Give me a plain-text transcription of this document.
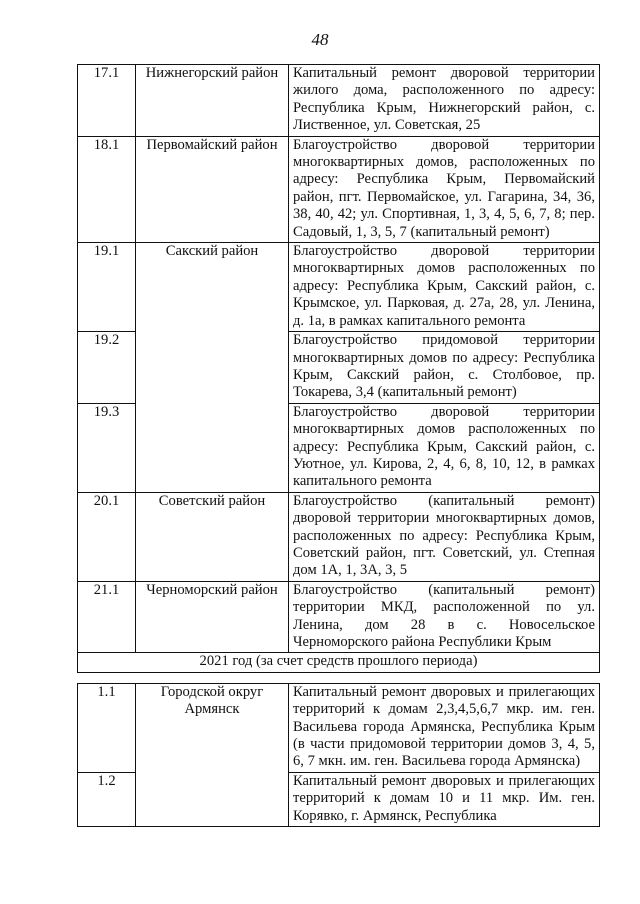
48
17.1	Нижнегорский район	Капитальный ремонт дворовой территории жилого дома, расположенного по адресу: Республика Крым, Нижнегорский район, с. Лиственное, ул. Советская, 25
18.1	Первомайский район	Благоустройство дворовой территории многоквартирных домов, расположенных по адресу: Республика Крым, Первомайский район, пгт. Первомайское, ул. Гагарина, 34, 36, 38, 40, 42; ул. Спортивная, 1, 3, 4, 5, 6, 7, 8; пер. Садовый, 1, 3, 5, 7 (капитальный ремонт)
19.1	Сакский район	Благоустройство дворовой территории многоквартирных домов расположенных по адресу: Республика Крым, Сакский район, с. Крымское, ул. Парковая, д. 27а, 28, ул. Ленина, д. 1а, в рамках капитального ремонта
19.2		Благоустройство придомовой территории многоквартирных домов по адресу: Республика Крым, Сакский район, с. Столбовое, пр. Токарева, 3,4 (капитальный ремонт)
19.3		Благоустройство дворовой территории многоквартирных домов расположенных по адресу: Республика Крым, Сакский район, с. Уютное, ул. Кирова, 2, 4, 6, 8, 10, 12, в рамках капитального ремонта
20.1	Советский район	Благоустройство (капитальный ремонт) дворовой территории многоквартирных домов, расположенных по адресу: Республика Крым, Советский район, пгт. Советский, ул. Степная дом 1А, 1, 3А, 3, 5
21.1	Черноморский район	Благоустройство (капитальный ремонт) территории МКД, расположенной по ул. Ленина, дом 28 в с. Новосельское Черноморского района Республики Крым
2021 год (за счет средств прошлого периода)		

1.1	Городской округ Армянск	Капитальный ремонт дворовых и прилегающих территорий к домам 2,3,4,5,6,7 мкр. им. ген. Васильева города Армянска, Республика Крым (в части придомовой территории домов 3, 4, 5, 6, 7 мкн. им. ген. Васильева города Армянска)
1.2		Капитальный ремонт дворовых и прилегающих территорий к домам 10 и 11 мкр. Им. ген. Корявко, г. Армянск, Республика
